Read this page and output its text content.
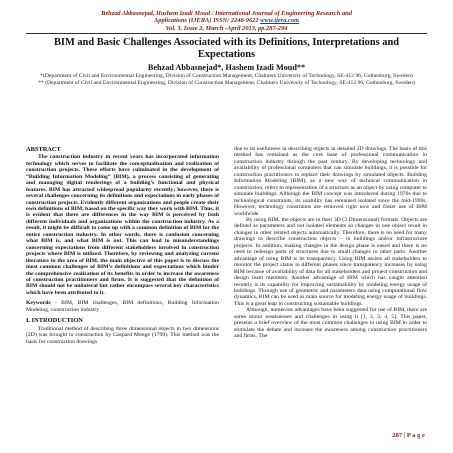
Behzad Abbasnejad, Hashem Izadi Moud / International Journal of Engineering Research and
Applications (IJERA) ISSN: 2248-9622 www.ijera.com
Vol. 3, Issue 2, March -April 2013, pp.287-294
BIM and Basic Challenges Associated with its Definitions, Interpretations and Expectations
Behzad Abbasnejad*, Hashem Izadi Moud**
*(Department of Civil and Environmental Engineering, Division of Construction Management, Chalmers University of Technology, SE-412 96, Gothenburg, Sweden)
** (Department of Civil and Environmental Engineering, Division of Construction Management, Chalmers University of Technology, SE-412 96, Gothenburg, Sweden)
ABSTRACT

The construction industry in recent years has incorporated information technology which serves to facilitate the conceptualization and realization of construction projects. These efforts have culminated in the development of “Building Information Modeling” (BIM), a process consisting of generating and managing digital renderings of a building’s functional and physical features. BIM has attracted widespread popularity recently; however, there is several challenges concerning its definitions and expectations in early phases of construction projects. Evidently different organizations and people create their own definitions of BIM, based on the specific way they work with BIM. Thus, it is evident that there are differences in the way BIM is perceived by both different individuals and organizations within the construction industry. As a result, it might be difficult to come up with a common definition of BIM for the entire construction industry. In other words, there is confusion concerning what BIM is, and what BIM is not. This can lead to misunderstandings concerning expectations from different stakeholders involved in construction projects where BIM is utilized. Therefore, by reviewing and analyzing current literature in the area of BIM, the main objective of this paper is to discuss the most common challenges of BIM’s definitions and expectations which hinder the comprehensive realization of its benefits in order to increase the awareness of construction practitioners and firms. It is suggested that the definition of BIM should not be unilateral but rather encompass several key characteristics which have been attributed to it.

Keywords - BIM, BIM challenges, BIM definitions, Building Information Modeling, construction industry
I. INTRODUCTION

Traditional method of describing three dimensional objects in two dimensions (2D) was brought to construction by Gaspard Monge (1799). This method was the basis for construction drawings

due to its usefulness in describing objects in detailed 2D drawings. The basis of this method has remained as the core base of professional communication in construction industry through the past century. By developing technology and availability of professional computers that can simulate buildings, it is possible for construction practitioners to replace their drawings by simulated objects. Building Information Modeling (BIM), as a new way of technical communication in construction, refers to representation of a structure as an object by using computer to simulate buildings. Although the BIM concept was introduced during 1970s due to technological constraints, its usability has remained isolated since the mid-1990s. However, technology constraints are removed right now and foster use of BIM worldwide.

By using BIM, the objects are in their 3D (3 Dimensional) formats. Objects are defined as parameters and not isolated elements so changes in one object result in changes in other related objects automatically. Therefore, there is no need for many drawings to describe construction objects – in buildings and/or infrastructure projects. In addition, making changes in the design phase is eased and there is no need to redesign parts of structures due to small changes in other parts. Another advantage of using BIM is its transparency. Using BIM assists all stakeholders to monitor the project status in different phases since transparency increases by using BIM because of availability of data for all stakeholders and project construction and design team members. Another advantage of BIM which has caught attention recently is its capability for improving sustainability by modeling energy usage of buildings. Through use of geometric and parameters data using computational flow dynamics, BIM can be used as main source for modeling energy usage of buildings. This is a great leap in constructing sustainable buildings.

Although, numerous advantages have been suggested for use of BIM, there are some minor weaknesses and challenges in using it [1, 2, 3, 4, 5]. This paper, presents a brief overview of the most common challenges in using BIM in order to stimulate the debate and increase the awareness among construction practitioners and firms. The

287 | P a g e
